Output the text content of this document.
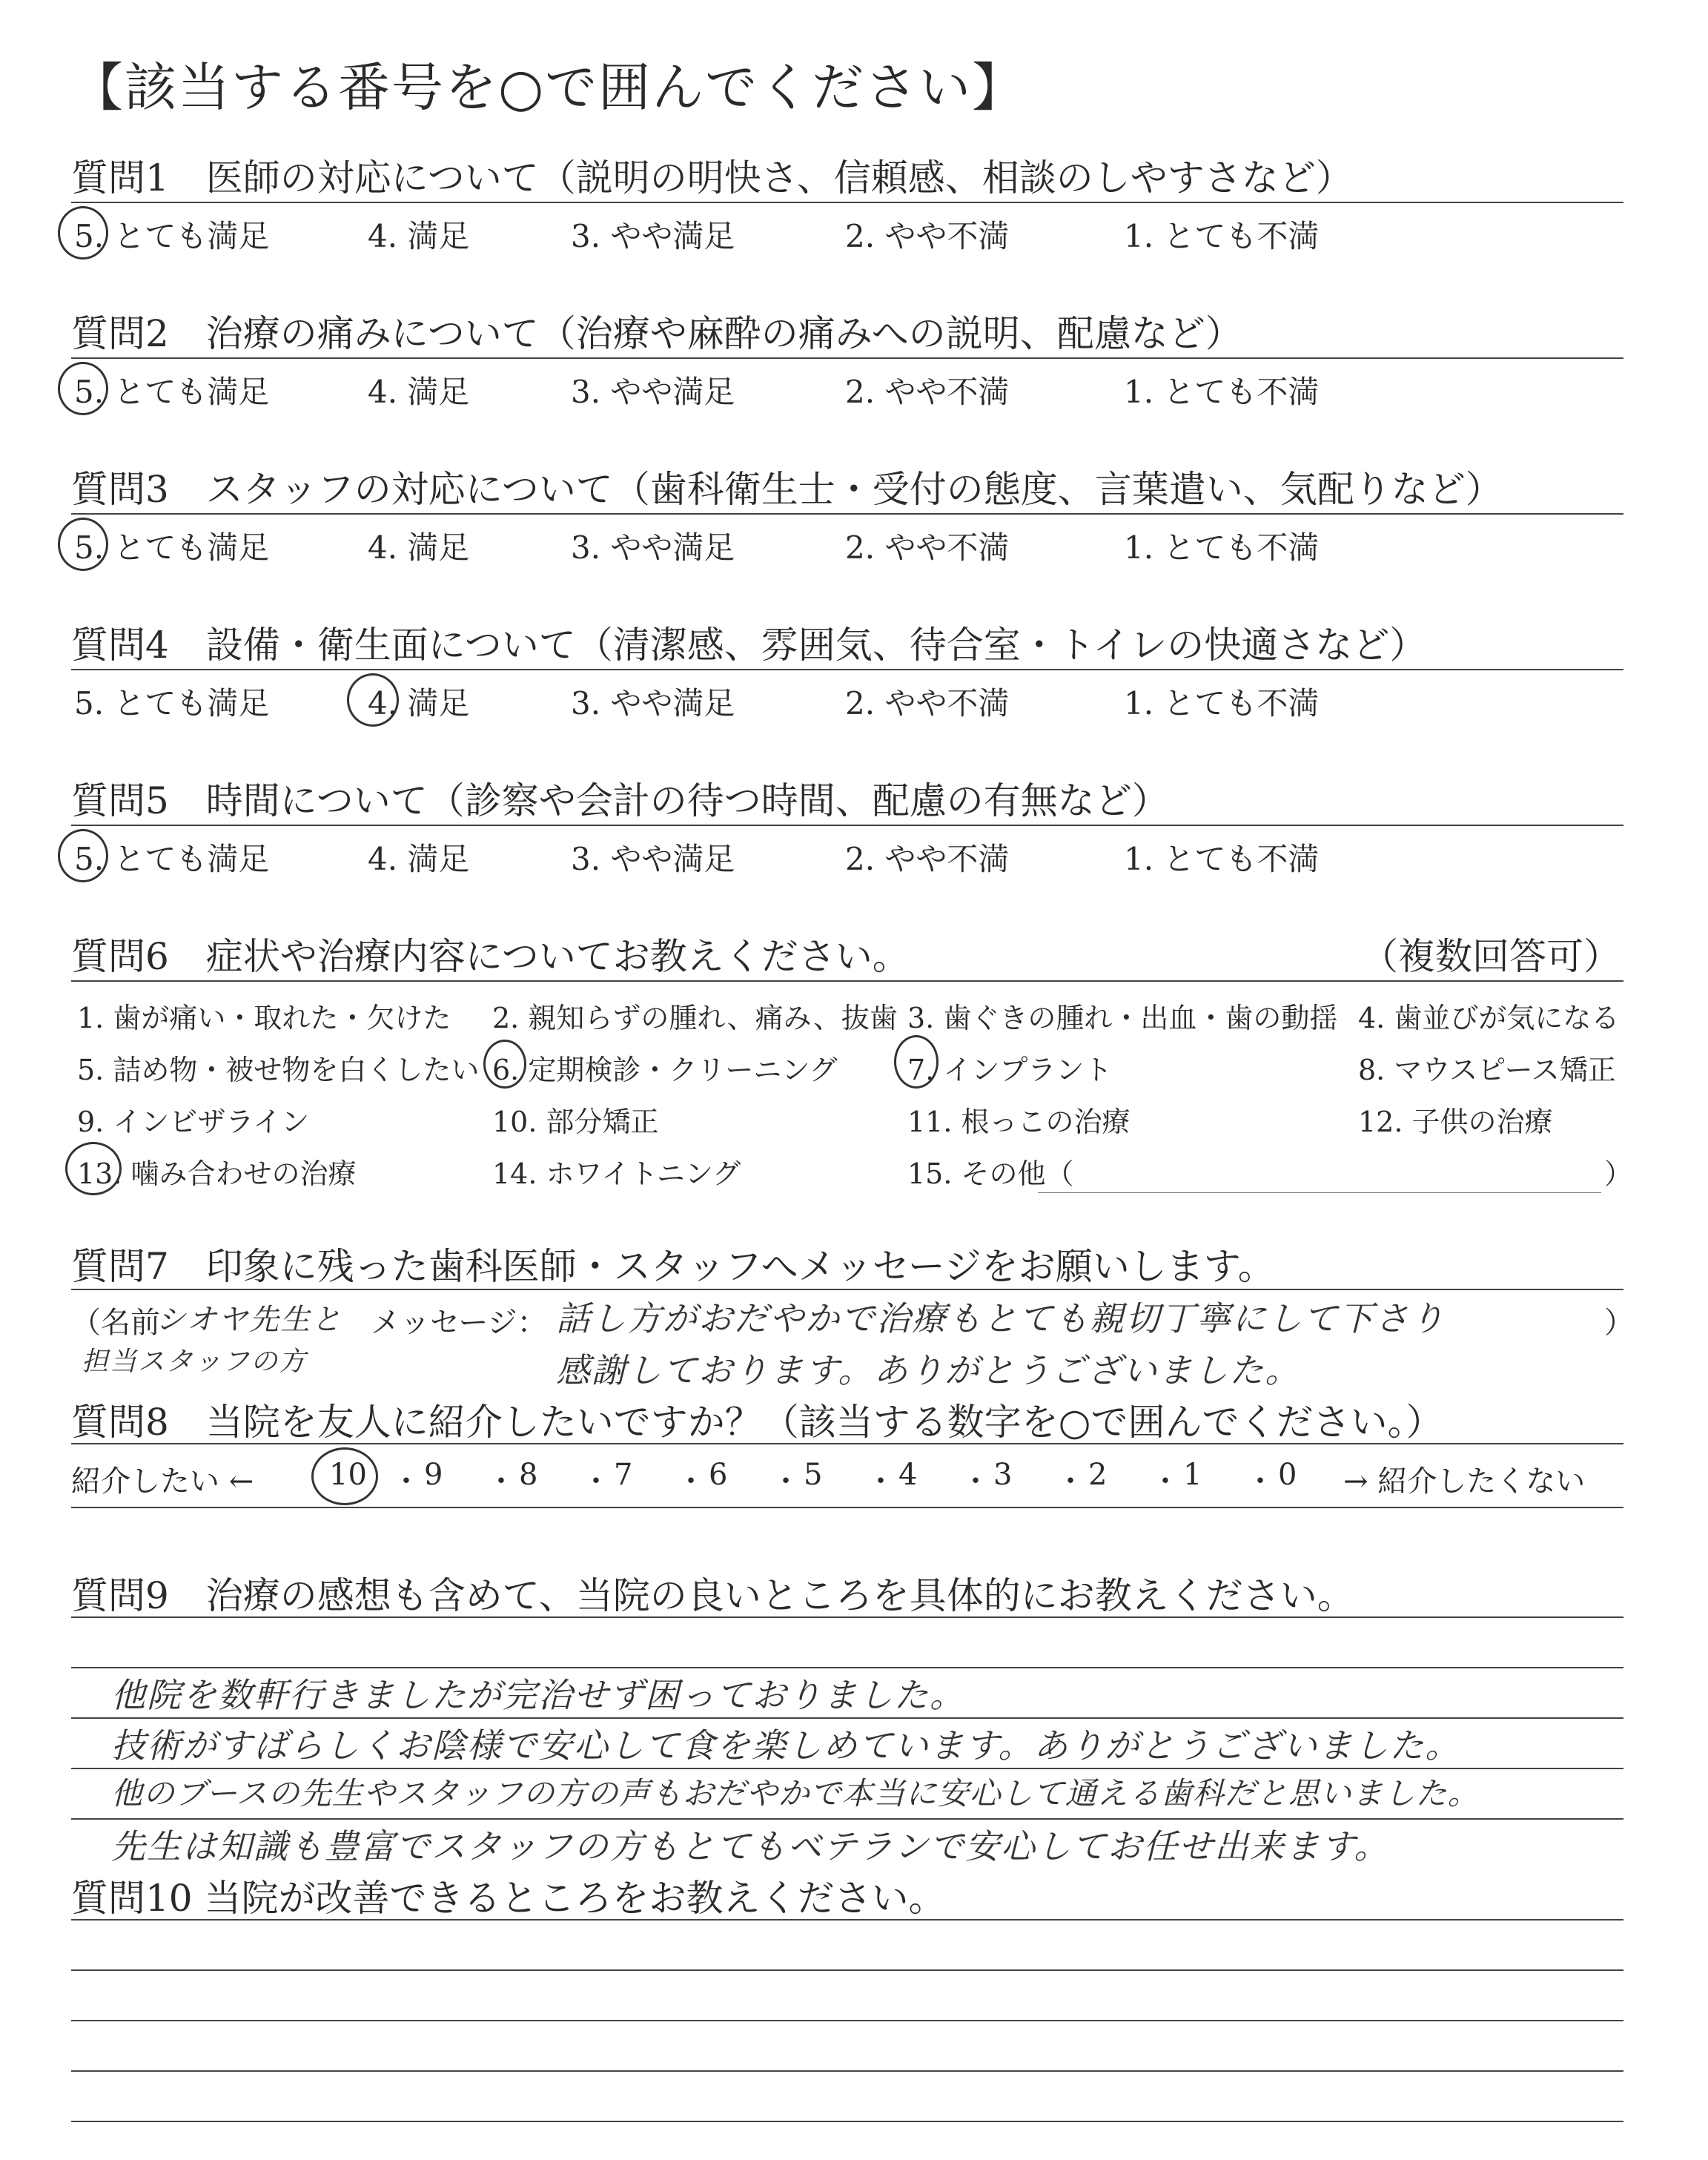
【該当する番号を○で囲んでください】
質問1　医師の対応について（説明の明快さ、信頼感、相談のしやすさなど）
5. とても満足	4. 満足	3. やや満足	2. やや不満	1. とても不満
質問2　治療の痛みについて（治療や麻酔の痛みへの説明、配慮など）
5. とても満足	4. 満足	3. やや満足	2. やや不満	1. とても不満
質問3　スタッフの対応について（歯科衛生士・受付の態度、言葉遣い、気配りなど）
5. とても満足	4. 満足	3. やや満足	2. やや不満	1. とても不満
質問4　設備・衛生面について（清潔感、雰囲気、待合室・トイレの快適さなど）
5. とても満足	4. 満足	3. やや満足	2. やや不満	1. とても不満
質問5　時間について（診察や会計の待つ時間、配慮の有無など）
5. とても満足	4. 満足	3. やや満足	2. やや不満	1. とても不満
質問6　症状や治療内容についてお教えください。	（複数回答可）
1. 歯が痛い・取れた・欠けた 2. 親知らずの腫れ、痛み、抜歯 3. 歯ぐきの腫れ・出血・歯の動揺 4. 歯並びが気になる
5. 詰め物・被せ物を白くしたい 6. 定期検診・クリーニング 7. インプラント	8. マウスピース矯正
9. インビザライン	10. 部分矯正	11. 根っこの治療	12. 子供の治療
13. 噛み合わせの治療	14. ホワイトニング	15. その他（	）
質問7　印象に残った歯科医師・スタッフへメッセージをお願いします。
（名前
シオヤ先生と
担当スタッフの方
メッセージ： 話し方がおだやかで治療もとても親切丁寧にして下さり
感謝しております。ありがとうございました。
）
質問8　当院を友人に紹介したいですか？（該当する数字を○で囲んでください。）
紹介したい ←	10 ・ 9 ・ 8 ・ 7 ・ 6 ・ 5 ・ 4 ・ 3 ・ 2 ・ 1 ・ 0 → 紹介したくない
質問9　治療の感想も含めて、当院の良いところを具体的にお教えください。
他院を数軒行きましたが完治せず困っておりました。
技術がすばらしくお陰様で安心して食を楽しめています。ありがとうございました。
他のブースの先生やスタッフの方の声もおだやかで本当に安心して通える歯科だと思いました。
先生は知識も豊富でスタッフの方もとてもベテランで安心してお任せ出来ます。
質問10 当院が改善できるところをお教えください。
